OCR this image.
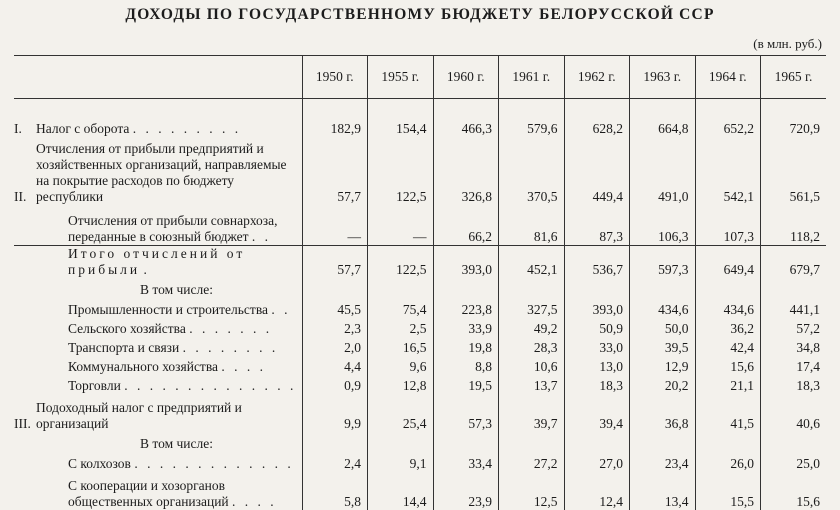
ДОХОДЫ ПО ГОСУДАРСТВЕННОМУ БЮДЖЕТУ БЕЛОРУССКОЙ ССР
(в млн. руб.)
	1950 г.	1955 г.	1960 г.	1961 г.	1962 г.	1963 г.	1964 г.	1965 г.

I. Налог с оборота . . . . . . . . .	182,9	154,4	466,3	579,6	628,2	664,8	652,2	720,9

II.
Отчисления от прибыли предприятий и хозяйственных организаций, направляемые на покрытие расходов по бюджету республики	57,7	122,5	326,8	370,5	449,4	491,0	542,1	561,5

Отчисления от прибыли совнархоза, переданные в союзный бюджет . .	—	—	66,2	81,6	87,3	106,3	107,3	118,2

Итого отчислений от прибыли .	57,7	122,5	393,0	452,1	536,7	597,3	649,4	679,7

В том числе:								

Промышленности и строительства . .	45,5	75,4	223,8	327,5	393,0	434,6	434,6	441,1

Сельского хозяйства . . . . . . .	2,3	2,5	33,9	49,2	50,9	50,0	36,2	57,2

Транспорта и связи . . . . . . . .	2,0	16,5	19,8	28,3	33,0	39,5	42,4	34,8

Коммунального хозяйства . . . .	4,4	9,6	8,8	10,6	13,0	12,9	15,6	17,4

Торговли . . . . . . . . . . . . . .	0,9	12,8	19,5	13,7	18,3	20,2	21,1	18,3

III.
Подоходный налог с предприятий и организаций	9,9	25,4	57,3	39,7	39,4	36,8	41,5	40,6

В том числе:								

С колхозов . . . . . . . . . . . . .	2,4	9,1	33,4	27,2	27,0	23,4	26,0	25,0

С кооперации и хозорганов общественных организаций . . . .	5,8	14,4	23,9	12,5	12,4	13,4	15,5	15,6
